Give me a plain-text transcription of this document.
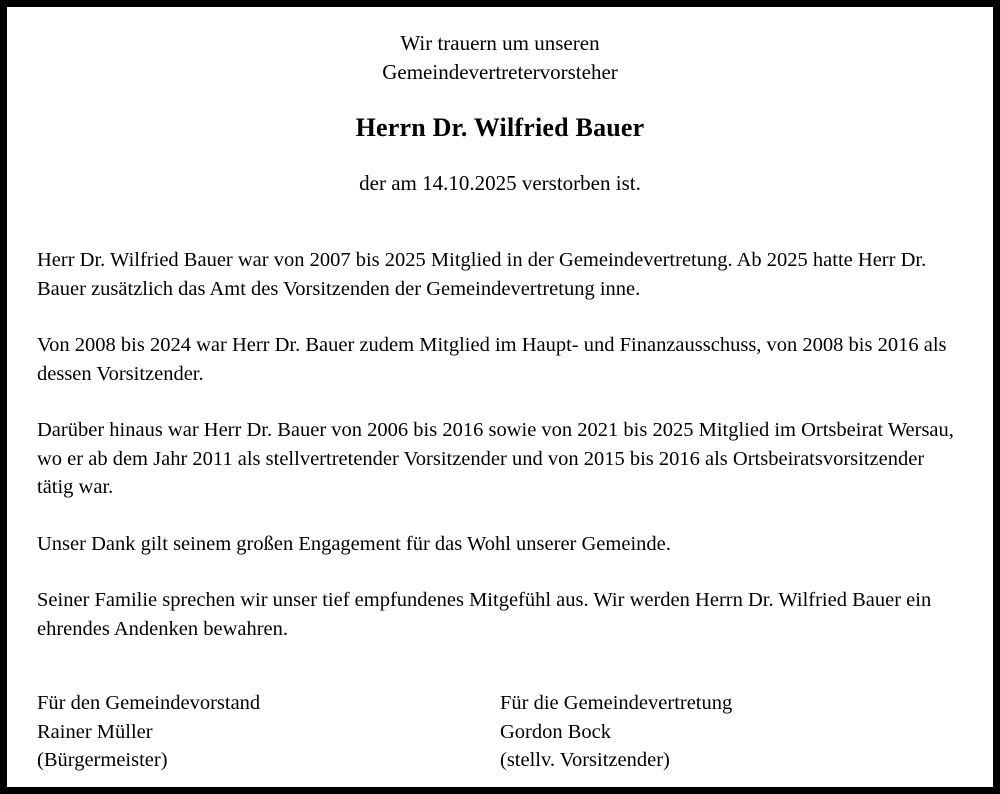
Wir trauern um unseren
Gemeindevertretervorsteher
Herrn Dr. Wilfried Bauer
der am 14.10.2025 verstorben ist.

Herr Dr. Wilfried Bauer war von 2007 bis 2025 Mitglied in der Gemeindevertretung. Ab 2025 hatte Herr Dr. Bauer zusätzlich das Amt des Vorsitzenden der Gemeindevertretung inne.

Von 2008 bis 2024 war Herr Dr. Bauer zudem Mitglied im Haupt- und Finanzausschuss, von 2008 bis 2016 als dessen Vorsitzender.

Darüber hinaus war Herr Dr. Bauer von 2006 bis 2016 sowie von 2021 bis 2025 Mitglied im Ortsbeirat Wersau, wo er ab dem Jahr 2011 als stellvertretender Vorsitzender und von 2015 bis 2016 als Ortsbeiratsvorsitzender tätig war.

Unser Dank gilt seinem großen Engagement für das Wohl unserer Gemeinde.

Seiner Familie sprechen wir unser tief empfundenes Mitgefühl aus. Wir werden Herrn Dr. Wilfried Bauer ein ehrendes Andenken bewahren.

Für den Gemeindevorstand
Rainer Müller
(Bürgermeister)
Für die Gemeindevertretung
Gordon Bock
(stellv. Vorsitzender)
